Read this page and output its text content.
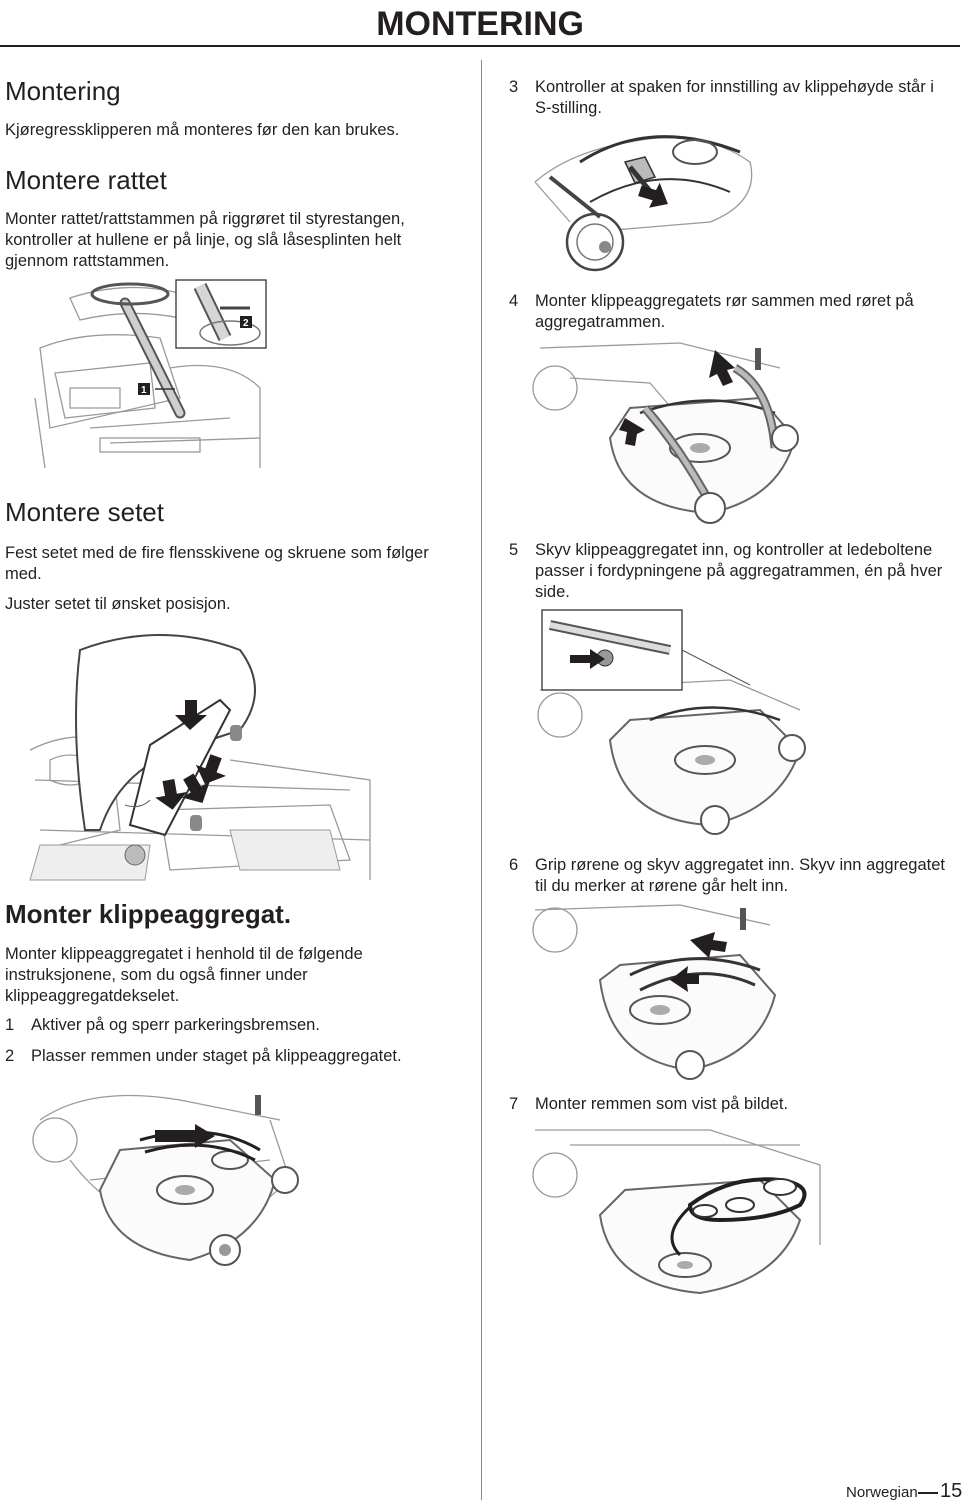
MONTERING
Montering

Kjøregressklipperen må monteres før den kan brukes.

Montere rattet

Monter rattet/rattstammen på riggrøret til styrestangen, kontroller at hullene er på linje, og slå låsesplinten helt gjennom rattstammen.

2
1
Montere setet

Fest setet med de fire flensskivene og skruene som følger med.

Juster setet til ønsket posisjon.

Monter klippeaggregat.

Monter klippeaggregatet i henhold til de følgende instruksjonene, som du også finner under klippeaggregatdekselet.

1	Aktiver på og sperr parkeringsbremsen.
2	Plasser remmen under staget på klippeaggregatet.
3	Kontroller at spaken for innstilling av klippehøyde står i S-stilling.
4	Monter klippeaggregatets rør sammen med røret på aggregatrammen.
5	Skyv klippeaggregatet inn, og kontroller at ledeboltene passer i fordypningene på aggregatrammen, én på hver side.
6	Grip rørene og skyv aggregatet inn. Skyv inn aggregatet til du merker at rørene går helt inn.
7	Monter remmen som vist på bildet.
Norwegian 15
